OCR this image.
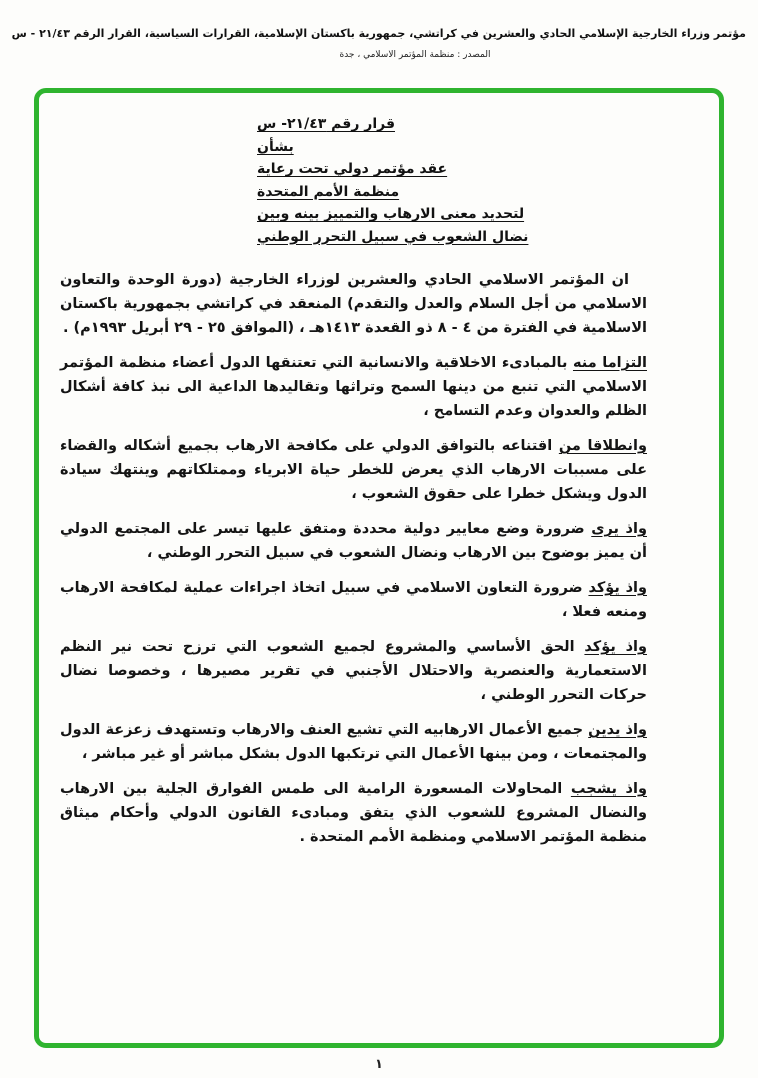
مؤتمر وزراء الخارجية الإسلامي الحادي والعشرين في كراتشي، جمهورية باكستان الإسلامية، القرارات السياسية، القرار الرقم ٢١/٤٣ - س
المصدر : منظمة المؤتمر الاسلامي ، جدة
قرار رقم ٢١/٤٣- س
بشأن
عقد مؤتمر دولي تحت رعاية
منظمة الأمم المتحدة
لتحديد معنى الارهاب والتمييز بينه وبين
نضال الشعوب في سبيل التحرر الوطني

ان المؤتمر الاسلامي الحادي والعشرين لوزراء الخارجية (دورة الوحدة والتعاون الاسلامي من أجل السلام والعدل والتقدم) المنعقد في كراتشي بجمهورية باكستان الاسلامية في الفترة من ٤ - ٨ ذو القعدة ١٤١٣هـ ، (الموافق ٢٥ - ٢٩ أبريل ١٩٩٣م) .

التزاما منه بالمبادىء الاخلاقية والانسانية التي تعتنقها الدول أعضاء منظمة المؤتمر الاسلامي التي تنبع من دينها السمح وتراثها وتقاليدها الداعية الى نبذ كافة أشكال الظلم والعدوان وعدم التسامح ،

وانطلاقا من اقتناعه بالتوافق الدولي على مكافحة الارهاب بجميع أشكاله والقضاء على مسببات الارهاب الذي يعرض للخطر حياة الابرياء وممتلكاتهم وينتهك سيادة الدول ويشكل خطرا على حقوق الشعوب ،

واذ يرى ضرورة وضع معايير دولية محددة ومتفق عليها تيسر على المجتمع الدولي أن يميز بوضوح بين الارهاب ونضال الشعوب في سبيل التحرر الوطني ،

واذ يؤكد ضرورة التعاون الاسلامي في سبيل اتخاذ اجراءات عملية لمكافحة الارهاب ومنعه فعلا ،

واذ يؤكد الحق الأساسي والمشروع لجميع الشعوب التي ترزح تحت نير النظم الاستعمارية والعنصرية والاحتلال الأجنبي في تقرير مصيرها ، وخصوصا نضال حركات التحرر الوطني ،

واذ يدين جميع الأعمال الارهابيه التي تشيع العنف والارهاب وتستهدف زعزعة الدول والمجتمعات ، ومن بينها الأعمال التي ترتكبها الدول بشكل مباشر أو غير مباشر ،

واذ يشجب المحاولات المسعورة الرامية الى طمس الفوارق الجلية بين الارهاب والنضال المشروع للشعوب الذي يتفق ومبادىء القانون الدولي وأحكام ميثاق منظمة المؤتمر الاسلامي ومنظمة الأمم المتحدة .

١
